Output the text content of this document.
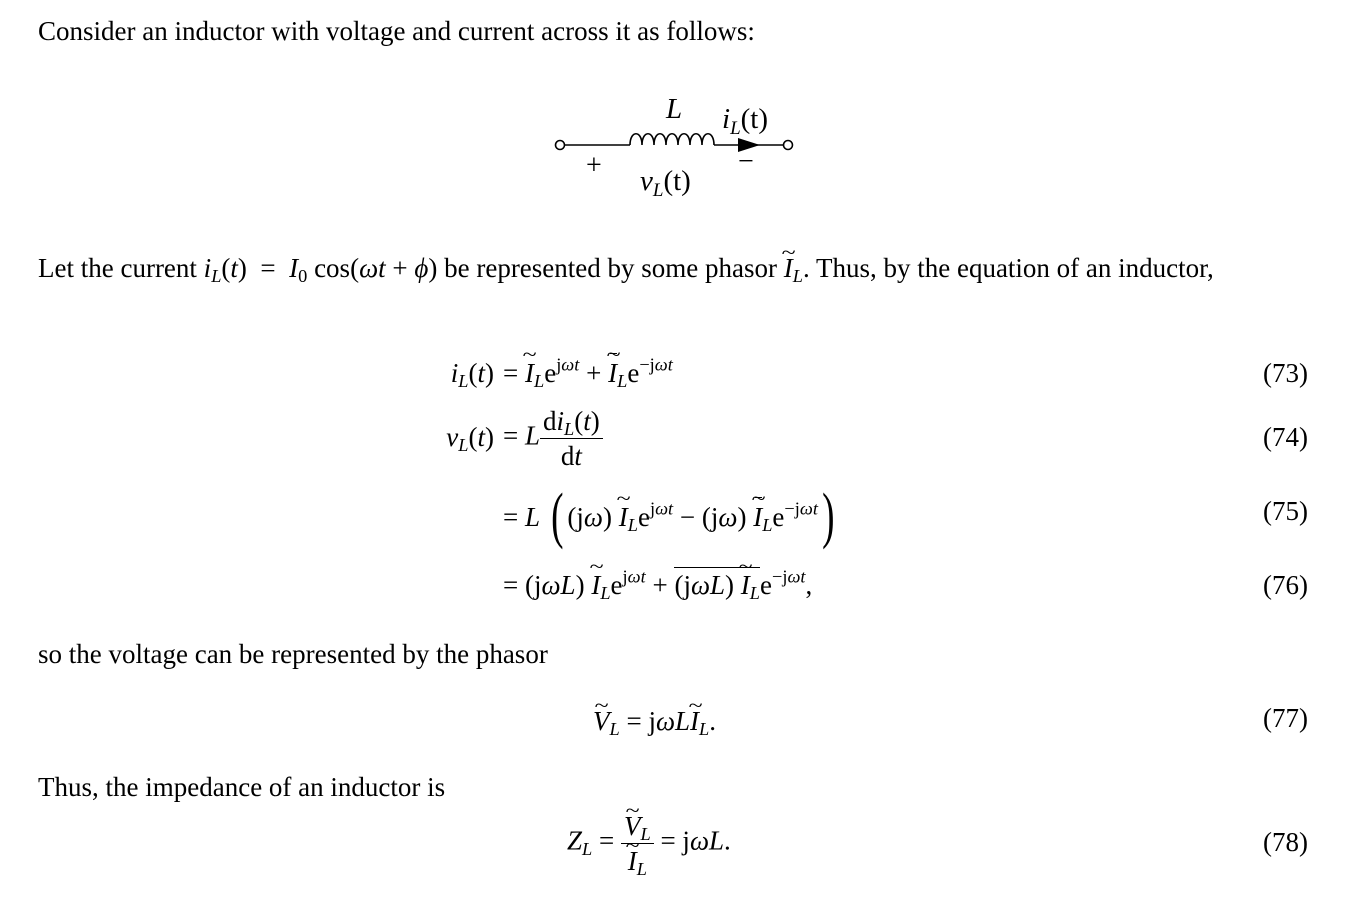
Consider an inductor with voltage and current across it as follows:

L $i_L(t)$
+	−
$v_L(t)$

Let the current $i_L(t) = I_0$ cos(ωt + ϕ) be represented by some phasor ~ $I_L$. Thus, by the equation of an inductor,

$i_L(t)$ = ~ $I_Le^{j\omega t}$ + ~ $I_Le^{-j\omega t}$	(73)
$v_L(t) = L \frac{di_L(t)}{dt}$	(74)
= L ( (jω) ~ $I_Le^{j\omega t} - (j\omega)$ ~ $I_Le^{-j\omega t}$)	(75)
= (jωL) ~ $I_Le^{j\omega t} + (j\omega L)$ ~ $I_Le^{-j\omega t}$,	(76)

so the voltage can be represented by the phasor

~ $V_L$ = jωL~ $I_L$.	(77)

Thus, the impedance of an inductor is

$Z_L$ = ~ $V_L$
~ $I_L = j\omega L$.	(78)
